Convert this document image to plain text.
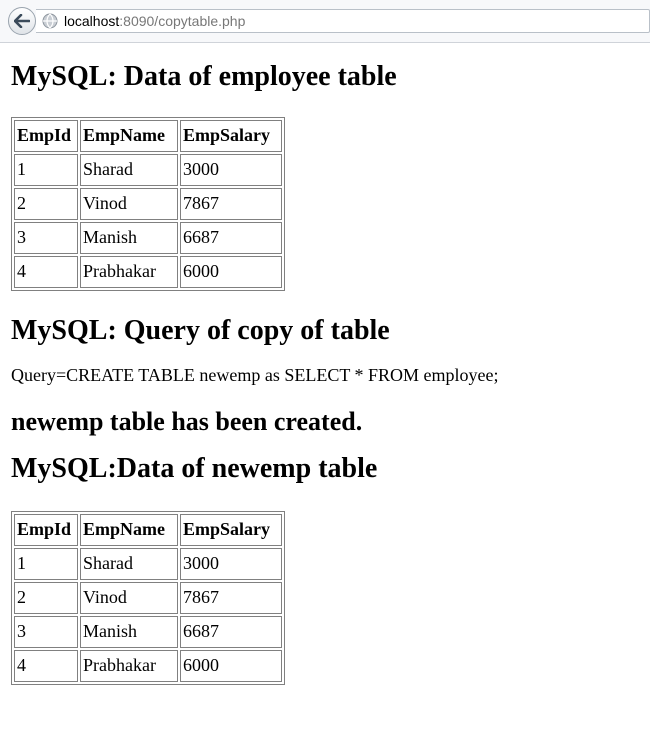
localhost:8090/copytable.php
MySQL: Data of employee table
EmpId	EmpName	EmpSalary
1	Sharad	3000
2	Vinod	7867
3	Manish	6687
4	Prabhakar	6000
MySQL: Query of copy of table
Query=CREATE TABLE newemp as SELECT * FROM employee;
newemp table has been created.
MySQL:Data of newemp table
EmpId	EmpName	EmpSalary
1	Sharad	3000
2	Vinod	7867
3	Manish	6687
4	Prabhakar	6000
